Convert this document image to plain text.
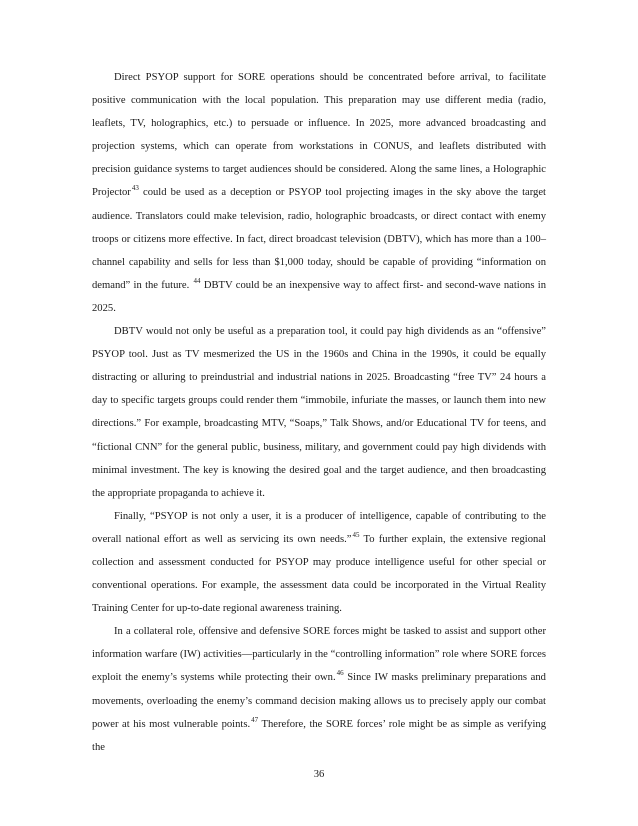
Direct PSYOP support for SORE operations should be concentrated before arrival, to facilitate positive communication with the local population. This preparation may use different media (radio, leaflets, TV, holographics, etc.) to persuade or influence. In 2025, more advanced broadcasting and projection systems, which can operate from workstations in CONUS, and leaflets distributed with precision guidance systems to target audiences should be considered. Along the same lines, a Holographic Projector$^{43}$ could be used as a deception or PSYOP tool projecting images in the sky above the target audience. Translators could make television, radio, holographic broadcasts, or direct contact with enemy troops or citizens more effective. In fact, direct broadcast television (DBTV), which has more than a 100–channel capability and sells for less than $1,000 today, should be capable of providing “information on demand” in the future. $^{44}$ DBTV could be an inexpensive way to affect first- and second-wave nations in 2025.

DBTV would not only be useful as a preparation tool, it could pay high dividends as an “offensive” PSYOP tool. Just as TV mesmerized the US in the 1960s and China in the 1990s, it could be equally distracting or alluring to preindustrial and industrial nations in 2025. Broadcasting “free TV” 24 hours a day to specific targets groups could render them “immobile, infuriate the masses, or launch them into new directions.” For example, broadcasting MTV, “Soaps,” Talk Shows, and/or Educational TV for teens, and “fictional CNN” for the general public, business, military, and government could pay high dividends with minimal investment. The key is knowing the desired goal and the target audience, and then broadcasting the appropriate propaganda to achieve it.

Finally, “PSYOP is not only a user, it is a producer of intelligence, capable of contributing to the overall national effort as well as servicing its own needs.”$^{45}$ To further explain, the extensive regional collection and assessment conducted for PSYOP may produce intelligence useful for other special or conventional operations. For example, the assessment data could be incorporated in the Virtual Reality Training Center for up-to-date regional awareness training.

In a collateral role, offensive and defensive SORE forces might be tasked to assist and support other information warfare (IW) activities—particularly in the “controlling information” role where SORE forces exploit the enemy’s systems while protecting their own.$^{46}$ Since IW masks preliminary preparations and movements, overloading the enemy’s command decision making allows us to precisely apply our combat power at his most vulnerable points.$^{47}$ Therefore, the SORE forces’ role might be as simple as verifying the

36
